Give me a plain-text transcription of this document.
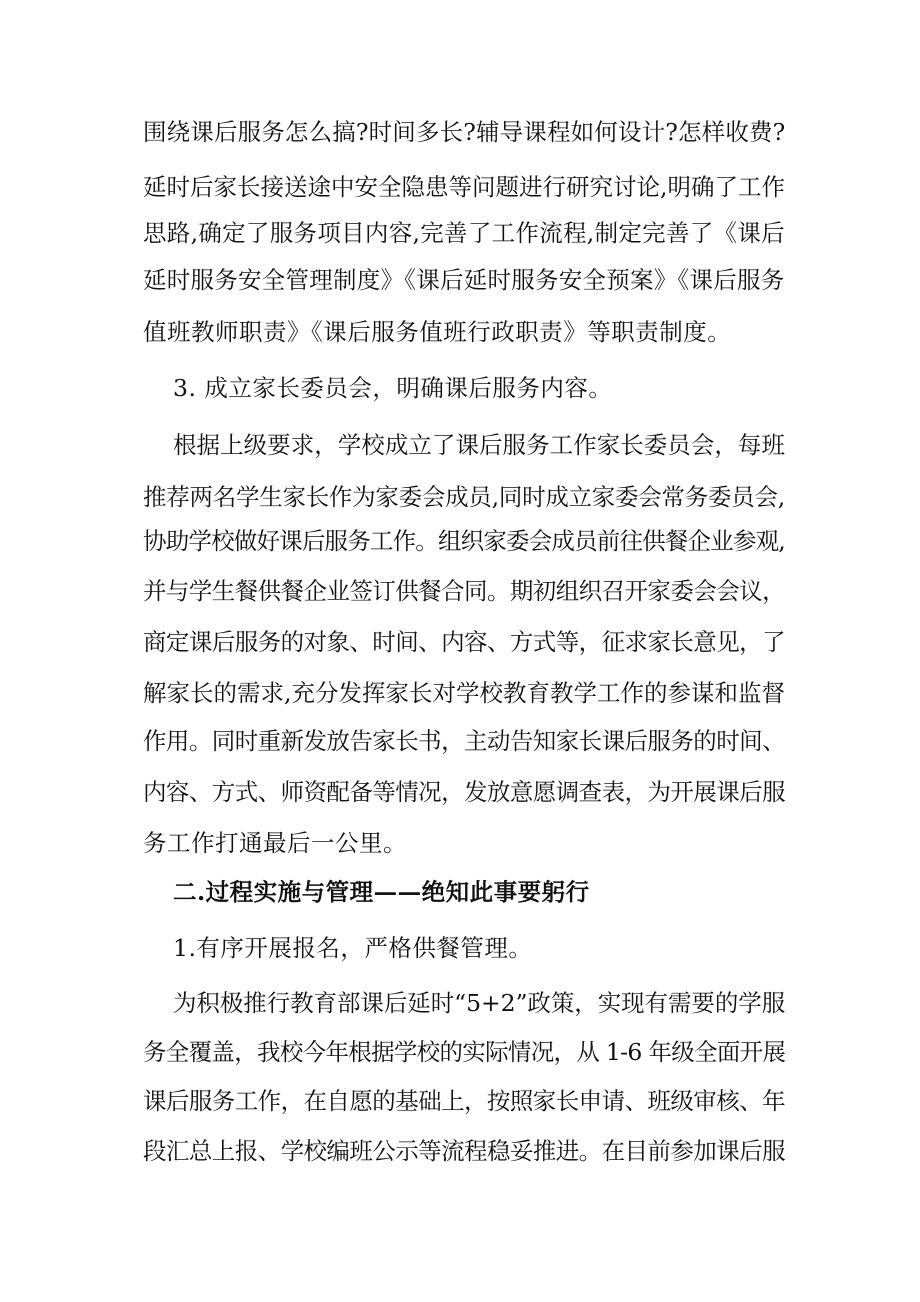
围绕课后服务怎么搞?时间多长?辅导课程如何设计?怎样收费?
延时后家长接送途中安全隐患等问题进行研究讨论,明确了工作
思路,确定了服务项目内容,完善了工作流程,制定完善了《课后
延时服务安全管理制度》《课后延时服务安全预案》《课后服务
值班教师职责》《课后服务值班行政职责》等职责制度。
3. 成立家长委员会，明确课后服务内容。
根据上级要求，学校成立了课后服务工作家长委员会，每班
推荐两名学生家长作为家委会成员,同时成立家委会常务委员会,
协助学校做好课后服务工作。组织家委会成员前往供餐企业参观,
并与学生餐供餐企业签订供餐合同。期初组织召开家委会会议，
商定课后服务的对象、时间、内容、方式等，征求家长意见，了
解家长的需求,充分发挥家长对学校教育教学工作的参谋和监督
作用。同时重新发放告家长书，主动告知家长课后服务的时间、
内容、方式、师资配备等情况，发放意愿调查表，为开展课后服
务工作打通最后一公里。
二.过程实施与管理——绝知此事要躬行
1.有序开展报名，严格供餐管理。
为积极推行教育部课后延时“5+2”政策，实现有需要的学服
务全覆盖，我校今年根据学校的实际情况，从 1-6 年级全面开展
课后服务工作，在自愿的基础上，按照家长申请、班级审核、年
段汇总上报、学校编班公示等流程稳妥推进。在目前参加课后服
